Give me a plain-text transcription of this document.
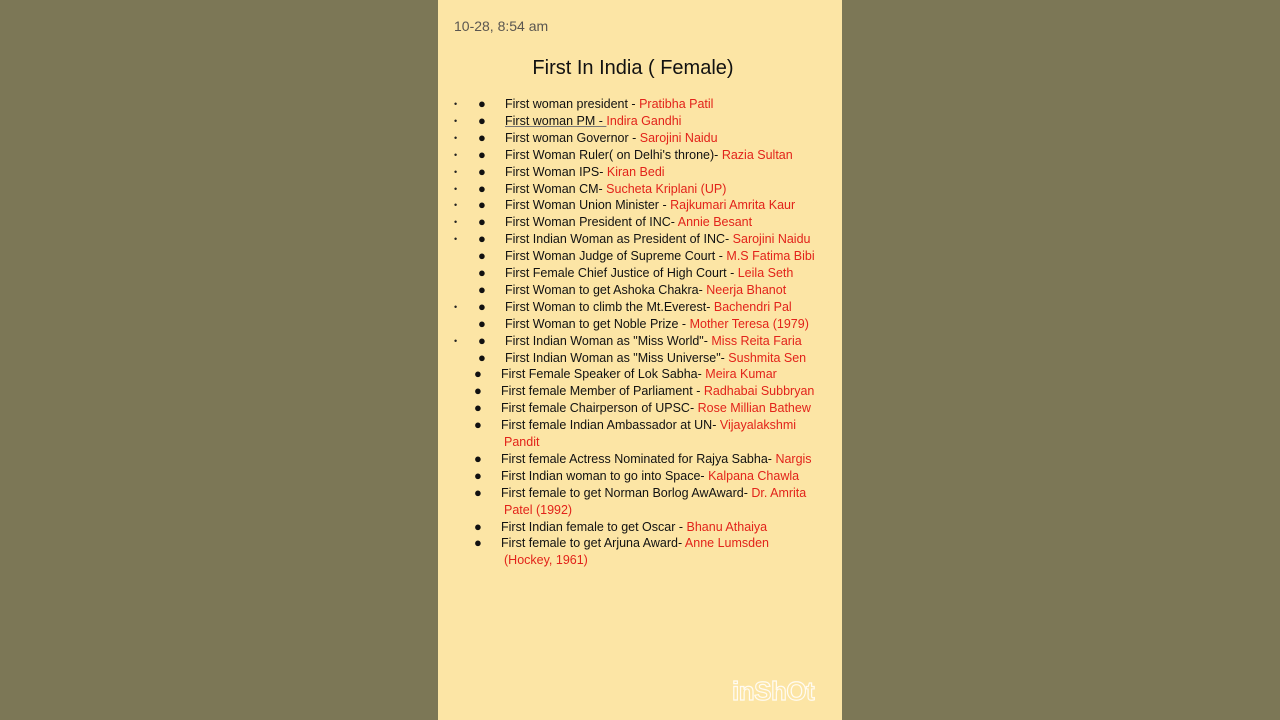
10-28, 8:54 am
First In India ( Female)
• ● First woman president - Pratibha Patil
• ● First woman PM - Indira Gandhi
• ● First woman Governor - Sarojini Naidu
• ● First Woman Ruler( on Delhi's throne)- Razia Sultan
• ● First Woman IPS- Kiran Bedi
• ● First Woman CM- Sucheta Kriplani (UP)
• ● First Woman Union Minister - Rajkumari Amrita Kaur
• ● First Woman President of INC- Annie Besant
• ● First Indian Woman as President of INC- Sarojini Naidu
● First Woman Judge of Supreme Court - M.S Fatima Bibi
● First Female Chief Justice of High Court - Leila Seth
● First Woman to get Ashoka Chakra- Neerja Bhanot
• ● First Woman to climb the Mt.Everest- Bachendri Pal
● First Woman to get Noble Prize - Mother Teresa (1979)
• ● First Indian Woman as "Miss World"- Miss Reita Faria
● First Indian Woman as "Miss Universe"- Sushmita Sen
● First Female Speaker of Lok Sabha- Meira Kumar
● First female Member of Parliament - Radhabai Subbryan
● First female Chairperson of UPSC- Rose Millian Bathew
● First female Indian Ambassador at UN- Vijayalakshmi
Pandit
● First female Actress Nominated for Rajya Sabha- Nargis
● First Indian woman to go into Space- Kalpana Chawla
● First female to get Norman Borlog AwAward- Dr. Amrita
Patel (1992)
● First Indian female to get Oscar - Bhanu Athaiya
● First female to get Arjuna Award- Anne Lumsden
(Hockey, 1961)
inShOt
